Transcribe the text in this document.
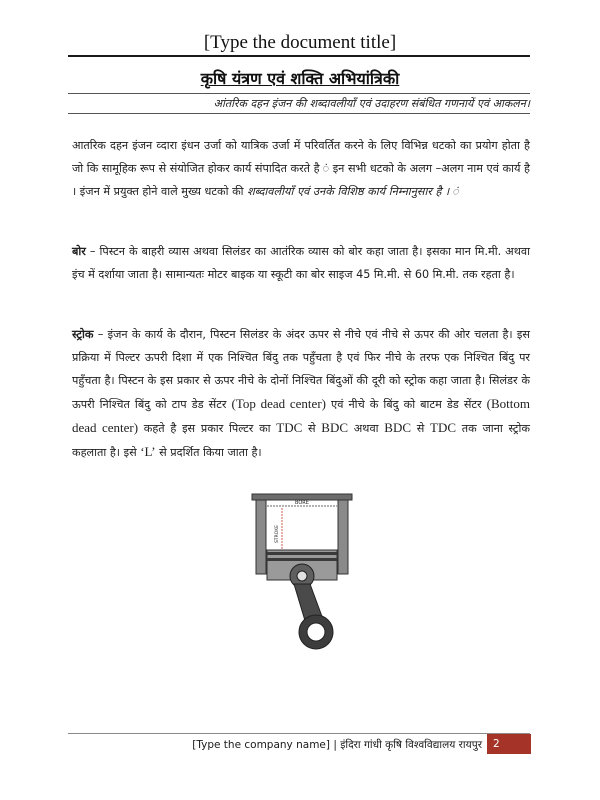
[Type the document title]
कृषि यंत्रण एवं शक्ति अभियांत्रिकी
आंतरिक दहन इंजन की शब्दावलीयाँ एवं उदाहरण संबंधित गणनायें एवं आकलन।
आतरिक दहन इंजन व्दारा इंधन उर्जा को यात्रिक उर्जा में परिवर्तित करने के लिए विभिन्न धटको का प्रयोग होता है जो कि सामूहिक रूप से संयोजित होकर कार्य संपादित करते है ं इन सभी धटको के अलग –अलग नाम एवं कार्य है । इंजन में प्रयुक्त होने वाले मुख्य धटको की शब्दावलीयाँ एवं उनके विशिष्ठ कार्य निम्नानुसार है । ं
बोर – पिस्टन के बाहरी व्यास अथवा सिलंडर का आतंरिक व्यास को बोर कहा जाता है। इसका मान मि.मी. अथवा इंच में दर्शाया जाता है। सामान्यतः मोटर बाइक या स्कूटी का बोर साइज 45 मि.मी. से 60 मि.मी. तक रहता है।
स्ट्रोक – इंजन के कार्य के दौरान, पिस्टन सिलंडर के अंदर ऊपर से नीचे एवं नीचे से ऊपर की ओर चलता है। इस प्रक्रिया में पिल्टर ऊपरी दिशा में एक निश्चित बिंदु तक पहुँचता है एवं फिर नीचे के तरफ एक निश्चित बिंदु पर पहुँचता है। पिस्टन के इस प्रकार से ऊपर नीचे के दोनों निश्चित बिंदुओं की दूरी को स्ट्रोक कहा जाता है। सिलंडर के ऊपरी निश्चित बिंदु को टाप डेड सेंटर (Top dead center) एवं नीचे के बिंदु को बाटम डेड सेंटर (Bottom dead center) कहते है इस प्रकार पिल्टर का TDC से BDC अथवा BDC से TDC तक जाना स्ट्रोक कहलाता है। इसे ‘L’ से प्रदर्शित किया जाता है।
BORE
STROKE
[Type the company name] | इंदिरा गांधी कृषि विश्वविद्यालय रायपुर	2
